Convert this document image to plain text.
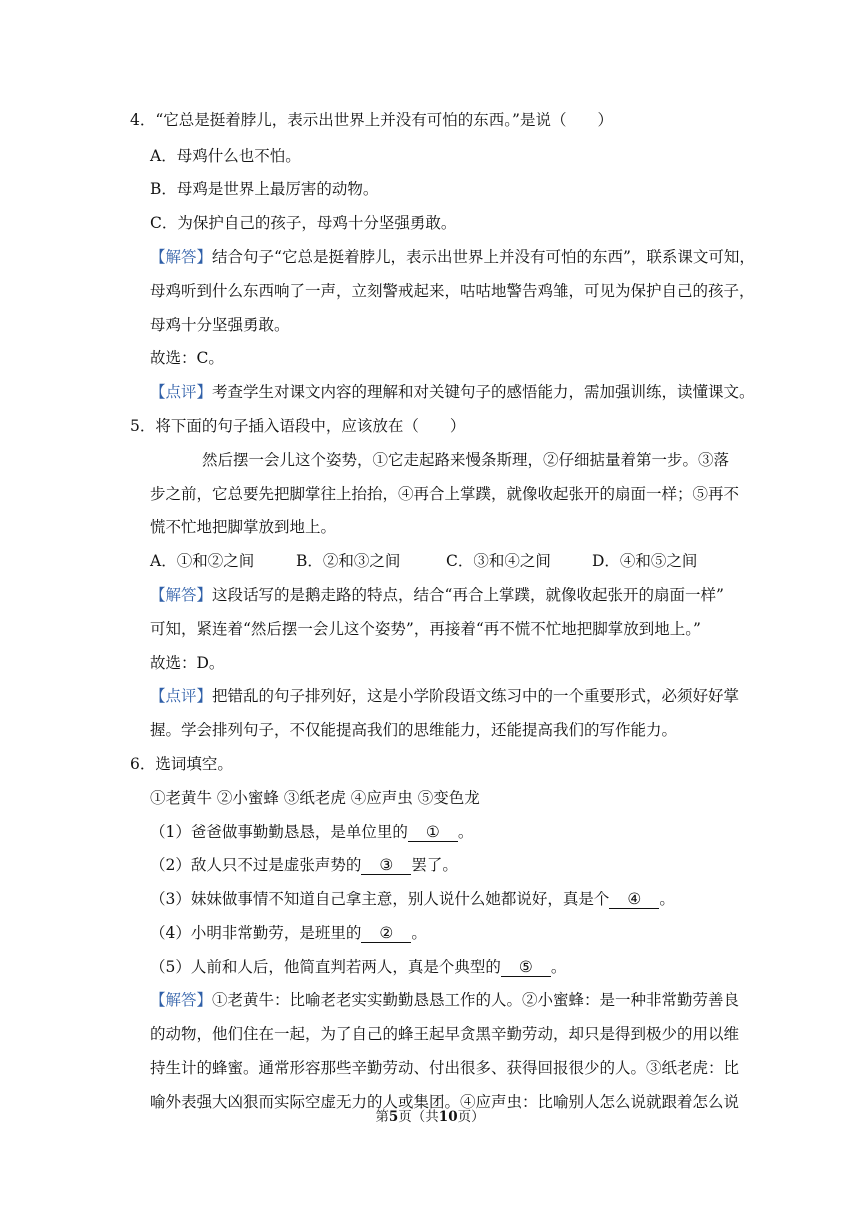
4．“它总是挺着脖儿，表示出世界上并没有可怕的东西。”是说（　　）
A．母鸡什么也不怕。
B．母鸡是世界上最厉害的动物。
C．为保护自己的孩子，母鸡十分坚强勇敢。
【解答】结合句子“它总是挺着脖儿，表示出世界上并没有可怕的东西”，联系课文可知，
母鸡听到什么东西响了一声，立刻警戒起来，咕咕地警告鸡雏，可见为保护自己的孩子，
母鸡十分坚强勇敢。
故选：C。
【点评】考查学生对课文内容的理解和对关键句子的感悟能力，需加强训练，读懂课文。
5．将下面的句子插入语段中，应该放在（　　）
然后摆一会儿这个姿势，①它走起路来慢条斯理，②仔细掂量着第一步。③落
步之前，它总要先把脚掌往上抬抬，④再合上掌蹼，就像收起张开的扇面一样；⑤再不
慌不忙地把脚掌放到地上。
A．①和②之间	B．②和③之间	C．③和④之间	D．④和⑤之间
【解答】这段话写的是鹅走路的特点，结合“再合上掌蹼，就像收起张开的扇面一样”
可知，紧连着“然后摆一会儿这个姿势”，再接着“再不慌不忙地把脚掌放到地上。”
故选：D。
【点评】把错乱的句子排列好，这是小学阶段语文练习中的一个重要形式，必须好好掌
握。学会排列句子，不仅能提高我们的思维能力，还能提高我们的写作能力。
6．选词填空。
①老黄牛 ②小蜜蜂 ③纸老虎 ④应声虫 ⑤变色龙
（1）爸爸做事勤勤恳恳，是单位里的 ① 。
（2）敌人只不过是虚张声势的 ③ 罢了。
（3）妹妹做事情不知道自己拿主意，别人说什么她都说好，真是个 ④ 。
（4）小明非常勤劳，是班里的 ② 。
（5）人前和人后，他简直判若两人，真是个典型的 ⑤ 。
【解答】①老黄牛：比喻老老实实勤勤恳恳工作的人。②小蜜蜂：是一种非常勤劳善良
的动物，他们住在一起，为了自己的蜂王起早贪黑辛勤劳动，却只是得到极少的用以维
持生计的蜂蜜。通常形容那些辛勤劳动、付出很多、获得回报很少的人。③纸老虎：比
喻外表强大凶狠而实际空虚无力的人或集团。④应声虫：比喻别人怎么说就跟着怎么说
第5页（共10页）
